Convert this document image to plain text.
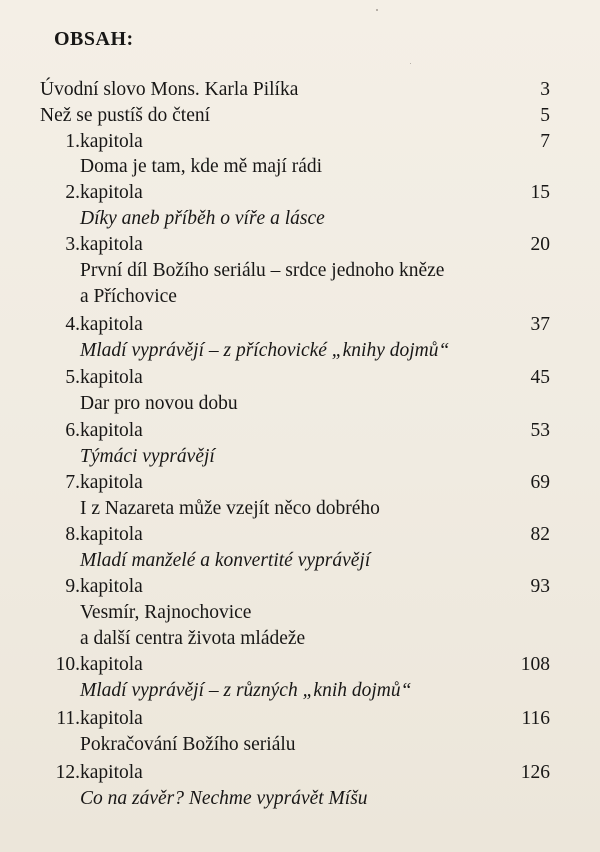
OBSAH:
Úvodní slovo Mons. Karla Pilíka	3
Než se pustíš do čtení	5
1. kapitola	7
Doma je tam, kde mě mají rádi
2. kapitola	15
Díky aneb příběh o víře a lásce
3. kapitola	20
První díl Božího seriálu – srdce jednoho kněze
a Příchovice
4. kapitola	37
Mladí vyprávějí – z příchovické „knihy dojmů“
5. kapitola	45
Dar pro novou dobu
6. kapitola	53
Týmáci vyprávějí
7. kapitola	69
I z Nazareta může vzejít něco dobrého
8. kapitola	82
Mladí manželé a konvertité vyprávějí
9. kapitola	93
Vesmír, Rajnochovice
a další centra života mládeže
10. kapitola	108
Mladí vyprávějí – z různých „knih dojmů“
11. kapitola	116
Pokračování Božího seriálu
12. kapitola	126
Co na závěr? Nechme vyprávět Míšu
